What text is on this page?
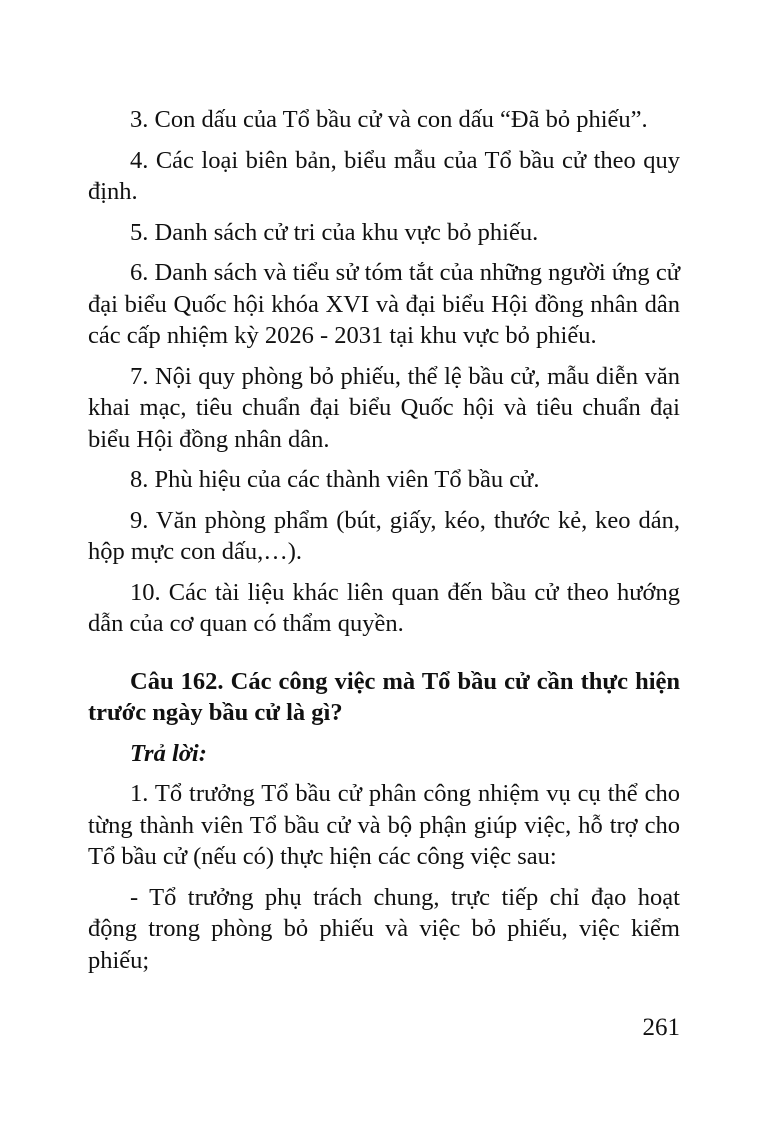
3. Con dấu của Tổ bầu cử và con dấu “Đã bỏ phiếu”.

4. Các loại biên bản, biểu mẫu của Tổ bầu cử theo quy định.

5. Danh sách cử tri của khu vực bỏ phiếu.

6. Danh sách và tiểu sử tóm tắt của những người ứng cử đại biểu Quốc hội khóa XVI và đại biểu Hội đồng nhân dân các cấp nhiệm kỳ 2026 - 2031 tại khu vực bỏ phiếu.

7. Nội quy phòng bỏ phiếu, thể lệ bầu cử, mẫu diễn văn khai mạc, tiêu chuẩn đại biểu Quốc hội và tiêu chuẩn đại biểu Hội đồng nhân dân.

8. Phù hiệu của các thành viên Tổ bầu cử.

9. Văn phòng phẩm (bút, giấy, kéo, thước kẻ, keo dán, hộp mực con dấu,…).

10. Các tài liệu khác liên quan đến bầu cử theo hướng dẫn của cơ quan có thẩm quyền.

Câu 162. Các công việc mà Tổ bầu cử cần thực hiện trước ngày bầu cử là gì?

Trả lời:

1. Tổ trưởng Tổ bầu cử phân công nhiệm vụ cụ thể cho từng thành viên Tổ bầu cử và bộ phận giúp việc, hỗ trợ cho Tổ bầu cử (nếu có) thực hiện các công việc sau:

- Tổ trưởng phụ trách chung, trực tiếp chỉ đạo hoạt động trong phòng bỏ phiếu và việc bỏ phiếu, việc kiểm phiếu;

261
